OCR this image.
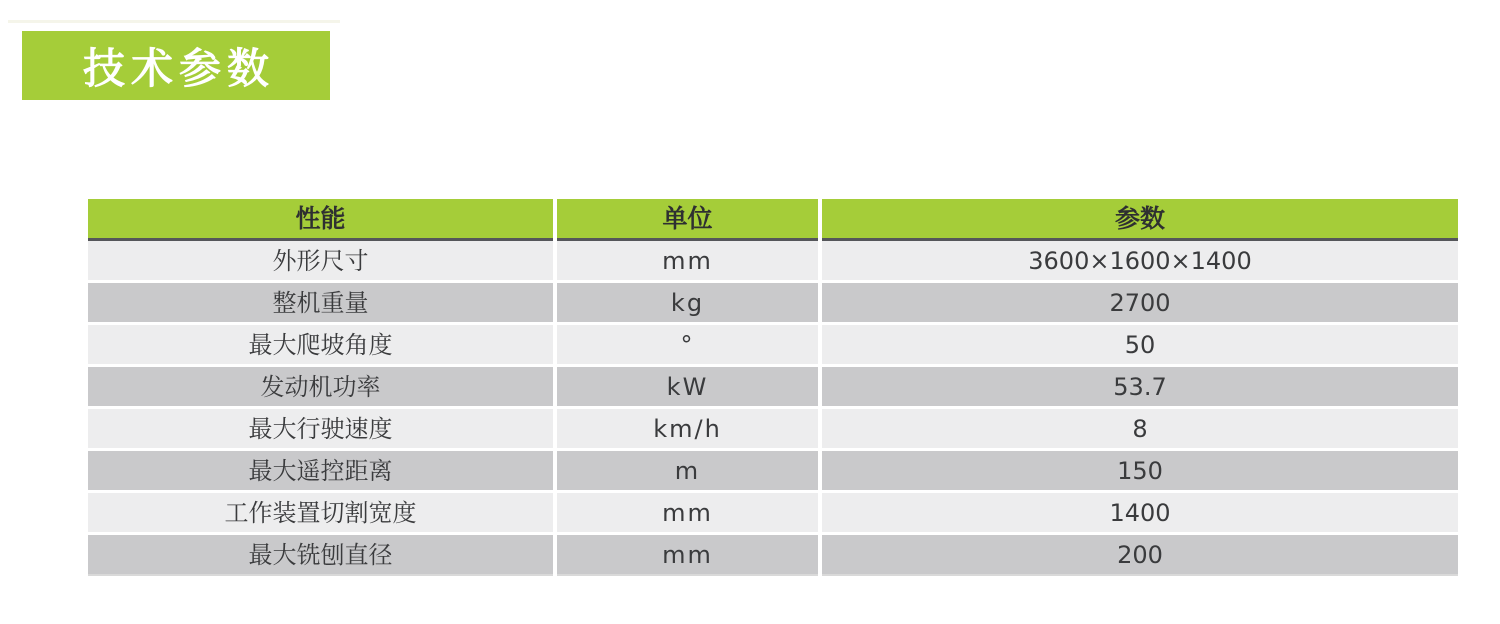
技术参数
性能	单位	参数
外形尺寸	mm	3600×1600×1400
整机重量	kg	2700
最大爬坡角度	°	50
发动机功率	kW	53.7
最大行驶速度	km/h	8
最大遥控距离	m	150
工作装置切割宽度	mm	1400
最大铣刨直径	mm	200
